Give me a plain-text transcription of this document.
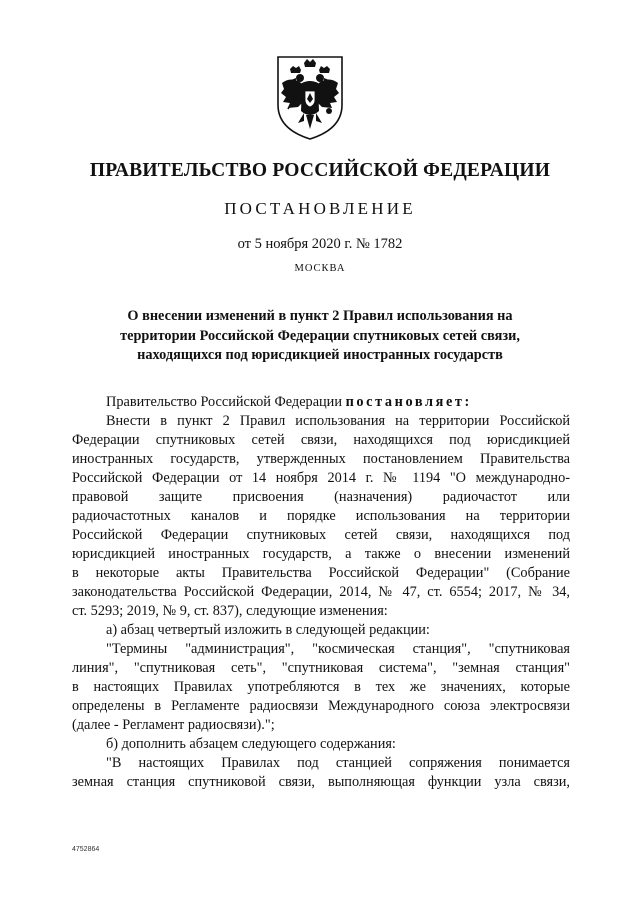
ПРАВИТЕЛЬСТВО РОССИЙСКОЙ ФЕДЕРАЦИИ
ПОСТАНОВЛЕНИЕ
от 5 ноября 2020 г. № 1782
МОСКВА
О внесении изменений в пункт 2 Правил использования на
территории Российской Федерации спутниковых сетей связи,
находящихся под юрисдикцией иностранных государств
Правительство Российской Федерации постановляет:
Внести в пункт 2 Правил использования на территории Российской
Федерации спутниковых сетей связи, находящихся под юрисдикцией
иностранных государств, утвержденных постановлением Правительства
Российской Федерации от 14 ноября 2014 г. № 1194 "О международно-
правовой защите присвоения (назначения) радиочастот или
радиочастотных каналов и порядке использования на территории
Российской Федерации спутниковых сетей связи, находящихся под
юрисдикцией иностранных государств, а также о внесении изменений
в некоторые акты Правительства Российской Федерации" (Собрание
законодательства Российской Федерации, 2014, № 47, ст. 6554; 2017, № 34,
ст. 5293; 2019, № 9, ст. 837), следующие изменения:
а) абзац четвертый изложить в следующей редакции:
"Термины "администрация", "космическая станция", "спутниковая
линия", "спутниковая сеть", "спутниковая система", "земная станция"
в настоящих Правилах употребляются в тех же значениях, которые
определены в Регламенте радиосвязи Международного союза электросвязи
(далее - Регламент радиосвязи).";
б) дополнить абзацем следующего содержания:
"В настоящих Правилах под станцией сопряжения понимается
земная станция спутниковой связи, выполняющая функции узла связи,
4752864
